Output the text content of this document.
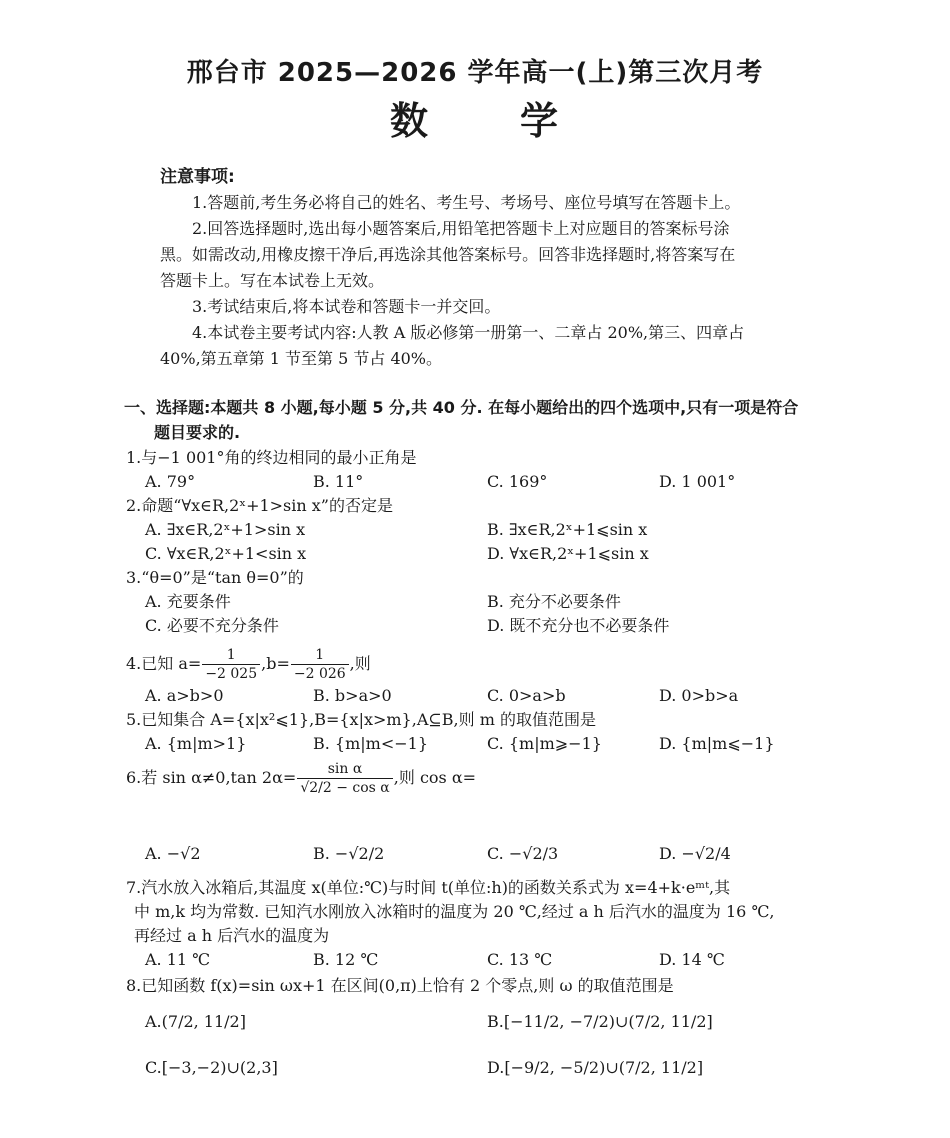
邢台市 2025—2026 学年高一(上)第三次月考
数 学
注意事项:

1.答题前,考生务必将自己的姓名、考生号、考场号、座位号填写在答题卡上。

2.回答选择题时,选出每小题答案后,用铅笔把答题卡上对应题目的答案标号涂

黑。如需改动,用橡皮擦干净后,再选涂其他答案标号。回答非选择题时,将答案写在

答题卡上。写在本试卷上无效。

3.考试结束后,将本试卷和答题卡一并交回。

4.本试卷主要考试内容:人教 A 版必修第一册第一、二章占 20%,第三、四章占

40%,第五章第 1 节至第 5 节占 40%。

一、选择题:本题共 8 小题,每小题 5 分,共 40 分. 在每小题给出的四个选项中,只有一项是符合
题目要求的.
1.与−1 001°角的终边相同的最小正角是
A. 79°	B. 11°	C. 169°	D. 1 001°
2.命题“∀x∈R,2ˣ+1>sin x”的否定是
A. ∃x∈R,2ˣ+1>sin x	B. ∃x∈R,2ˣ+1⩽sin x
C. ∀x∈R,2ˣ+1<sin x	D. ∀x∈R,2ˣ+1⩽sin x
3.“θ=0”是“tan θ=0”的
A. 充要条件	B. 充分不必要条件
C. 必要不充分条件	D. 既不充分也不必要条件
4.已知 $a= \frac{1}{-2 025} ,b= \frac{1}{-2 026}$ ,则
A. a>b>0	B. b>a>0	C. 0>a>b	D. 0>b>a
5.已知集合 A={x|x²⩽1},B={x|x>m},A⊆B,则 m 的取值范围是
A. {m|m>1}	B. {m|m<−1}	C. {m|m⩾−1}	D. {m|m⩽−1}
6.若 sin α≠0,tan $2\alpha= \frac{\text{sin α}}{\text{√2/2 − cos α}}$ ,则 cos α=
A. −√2	B. −√2/2	C. −√2/3	D. −√2/4
7.汽水放入冰箱后,其温度 x(单位:℃)与时间 t(单位:h)的函数关系式为 x=4+k·eᵐᵗ,其
中 m,k 均为常数. 已知汽水刚放入冰箱时的温度为 20 ℃,经过 a h 后汽水的温度为 16 ℃,
再经过 a h 后汽水的温度为
A. 11 ℃	B. 12 ℃	C. 13 ℃	D. 14 ℃
8.已知函数 f(x)=sin ωx+1 在区间(0,π)上恰有 2 个零点,则 ω 的取值范围是
A.(7/2, 11/2]	B.[−11/2, −7/2)∪(7/2, 11/2]
C.[−3,−2)∪(2,3]	D.[−9/2, −5/2)∪(7/2, 11/2]
